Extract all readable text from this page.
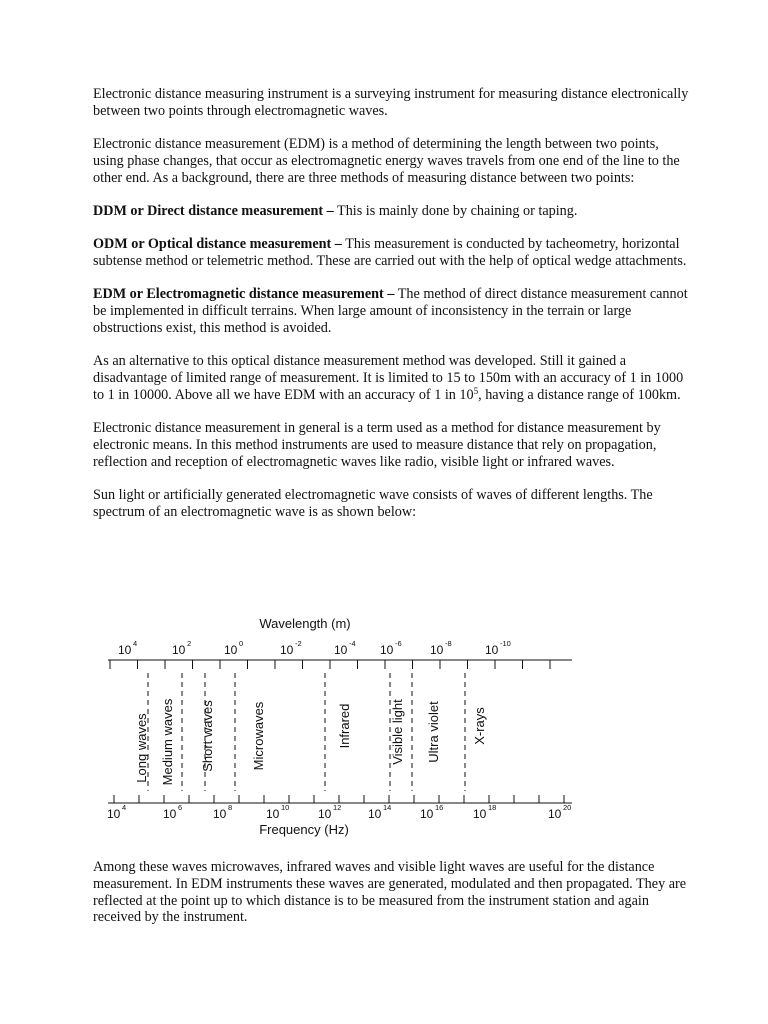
Electronic distance measuring instrument is a surveying instrument for measuring distance electronically between two points through electromagnetic waves.

Electronic distance measurement (EDM) is a method of determining the length between two points, using phase changes, that occur as electromagnetic energy waves travels from one end of the line to the other end. As a background, there are three methods of measuring distance between two points:

DDM or Direct distance measurement – This is mainly done by chaining or taping.

ODM or Optical distance measurement – This measurement is conducted by tacheometry, horizontal subtense method or telemetric method. These are carried out with the help of optical wedge attachments.

EDM or Electromagnetic distance measurement – The method of direct distance measurement cannot be implemented in difficult terrains. When large amount of inconsistency in the terrain or large obstructions exist, this method is avoided.

As an alternative to this optical distance measurement method was developed. Still it gained a disadvantage of limited range of measurement. It is limited to 15 to 150m with an accuracy of 1 in 1000 to 1 in 10000. Above all we have EDM with an accuracy of 1 in $10^5$, having a distance range of 100km.

Electronic distance measurement in general is a term used as a method for distance measurement by electronic means. In this method instruments are used to measure distance that rely on propagation, reflection and reception of electromagnetic waves like radio, visible light or infrared waves.

Sun light or artificially generated electromagnetic wave consists of waves of different lengths. The spectrum of an electromagnetic wave is as shown below:

Wavelength (m)
Frequency (Hz)
10 4	10 2	10 0	10 -2	10 -4 10 -6 10 -8	10 -10
10 4	10 6	10 8	10 10 10 12 10 14 10 16 10 18	10 20
Long waves Medium waves Short waves	Microwaves	Infrared	Visible light Ultra violet X-rays

Among these waves microwaves, infrared waves and visible light waves are useful for the distance measurement. In EDM instruments these waves are generated, modulated and then propagated. They are reflected at the point up to which distance is to be measured from the instrument station and again received by the instrument.
